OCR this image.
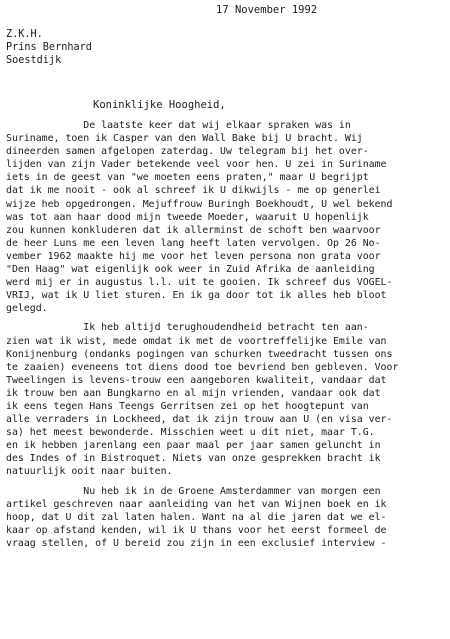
17 November 1992
Z.K.H.
Prins Bernhard
Soestdijk
Koninklijke Hoogheid,
De laatste keer dat wij elkaar spraken was in
Suriname, toen ik Casper van den Wall Bake bij U bracht. Wij
dineerden samen afgelopen zaterdag. Uw telegram bij het over-
lijden van zijn Vader betekende veel voor hen. U zei in Suriname
iets in de geest van "we moeten eens praten," maar U begrijpt
dat ik me nooit - ook al schreef ik U dikwijls - me op generlei
wijze heb opgedrongen. Mejuffrouw Buringh Boekhoudt, U wel bekend
was tot aan haar dood mijn tweede Moeder, waaruit U hopenlijk
zou kunnen konkluderen dat ik allerminst de schoft ben waarvoor
de heer Luns me een leven lang heeft laten vervolgen. Op 26 No-
vember 1962 maakte hij me voor het leven persona non grata voor
"Den Haag" wat eigenlijk ook weer in Zuid Afrika de aanleiding
werd mij er in augustus l.l. uit te gooien. Ik schreef dus VOGEL-
VRIJ, wat ik U liet sturen. En ik ga door tot ik alles heb bloot
gelegd.
Ik heb altijd terughoudendheid betracht ten aan-
zien wat ik wist, mede omdat ik met de voortreffelijke Emile van
Konijnenburg (ondanks pogingen van schurken tweedracht tussen ons
te zaaien) eveneens tot diens dood toe bevriend ben gebleven. Voor
Tweelingen is levens-trouw een aangeboren kwaliteit, vandaar dat
ik trouw ben aan Bungkarno en al mijn vrienden, vandaar ook dat
ik eens tegen Hans Teengs Gerritsen zei op het hoogtepunt van
alle verraders in Lockheed, dat ik zijn trouw aan U (en visa ver-
sa) het meest bewonderde. Misschien weet u dit niet, maar T.G.
en ik hebben jarenlang een paar maal per jaar samen geluncht in
des Indes of in Bistroquet. Niets van onze gesprekken bracht ik
natuurlijk ooit naar buiten.
Nu heb ik in de Groene Amsterdammer van morgen een
artikel geschreven naar aanleiding van het van Wijnen boek en ik
hoop, dat U dit zal laten halen. Want na al die jaren dat we el-
kaar op afstand kenden, wil ik U thans voor het eerst formeel de
vraag stellen, of U bereid zou zijn in een exclusief interview -
